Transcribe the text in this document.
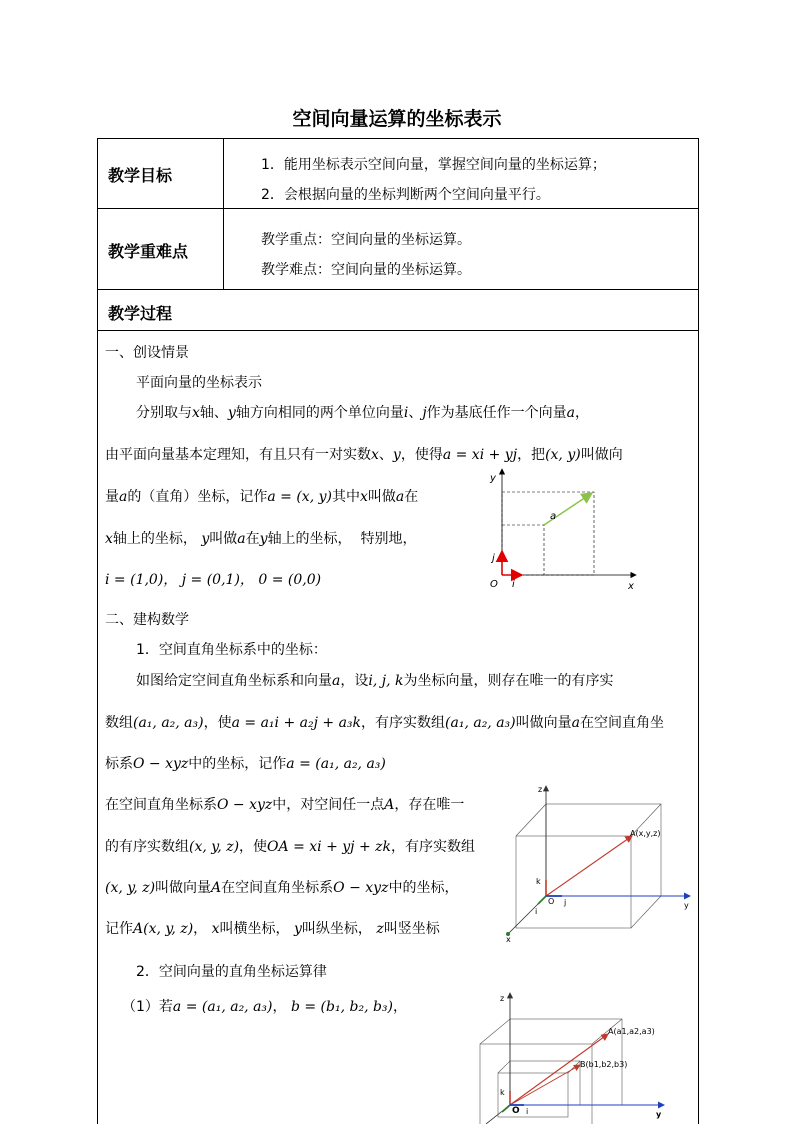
空间向量运算的坐标表示
教学目标
1．能用坐标表示空间向量，掌握空间向量的坐标运算；
2．会根据向量的坐标判断两个空间向量平行。
教学重难点
教学重点：空间向量的坐标运算。
教学难点：空间向量的坐标运算。
教学过程
一、创设情景
平面向量的坐标表示
分别取与x轴、y轴方向相同的两个单位向量i、j作为基底任作一个向量a，
由平面向量基本定理知，有且只有一对实数x、y，使得a = xi + yj，把(x, y)叫做向
量a的（直角）坐标，记作a = (x, y)其中x叫做a在
x轴上的坐标， y叫做a在y轴上的坐标， 特别地，
i = (1,0)， j = (0,1)， 0 = (0,0)
y
a
j
O i	x
二、建构数学
1．空间直角坐标系中的坐标：
如图给定空间直角坐标系和向量a，设i, j, k为坐标向量，则存在唯一的有序实
数组(a₁, a₂, a₃)，使a = a₁i + a₂j + a₃k，有序实数组(a₁, a₂, a₃)叫做向量a在空间直角坐
标系O − xyz中的坐标，记作a = (a₁, a₂, a₃)
在空间直角坐标系O − xyz中，对空间任一点A，存在唯一
的有序实数组(x, y, z)，使OA = xi + yj + zk，有序实数组
(x, y, z)叫做向量A在空间直角坐标系O − xyz中的坐标，
记作A(x, y, z)， x叫横坐标， y叫纵坐标， z叫竖坐标
2．空间向量的直角坐标运算律
（1）若a = (a₁, a₂, a₃)， b = (b₁, b₂, b₃)，
z
A(x,y,z)
k
O j	y
i
x
z
A(a1,a2,a3)
B(b1,b2,b3)
k
O i	y
